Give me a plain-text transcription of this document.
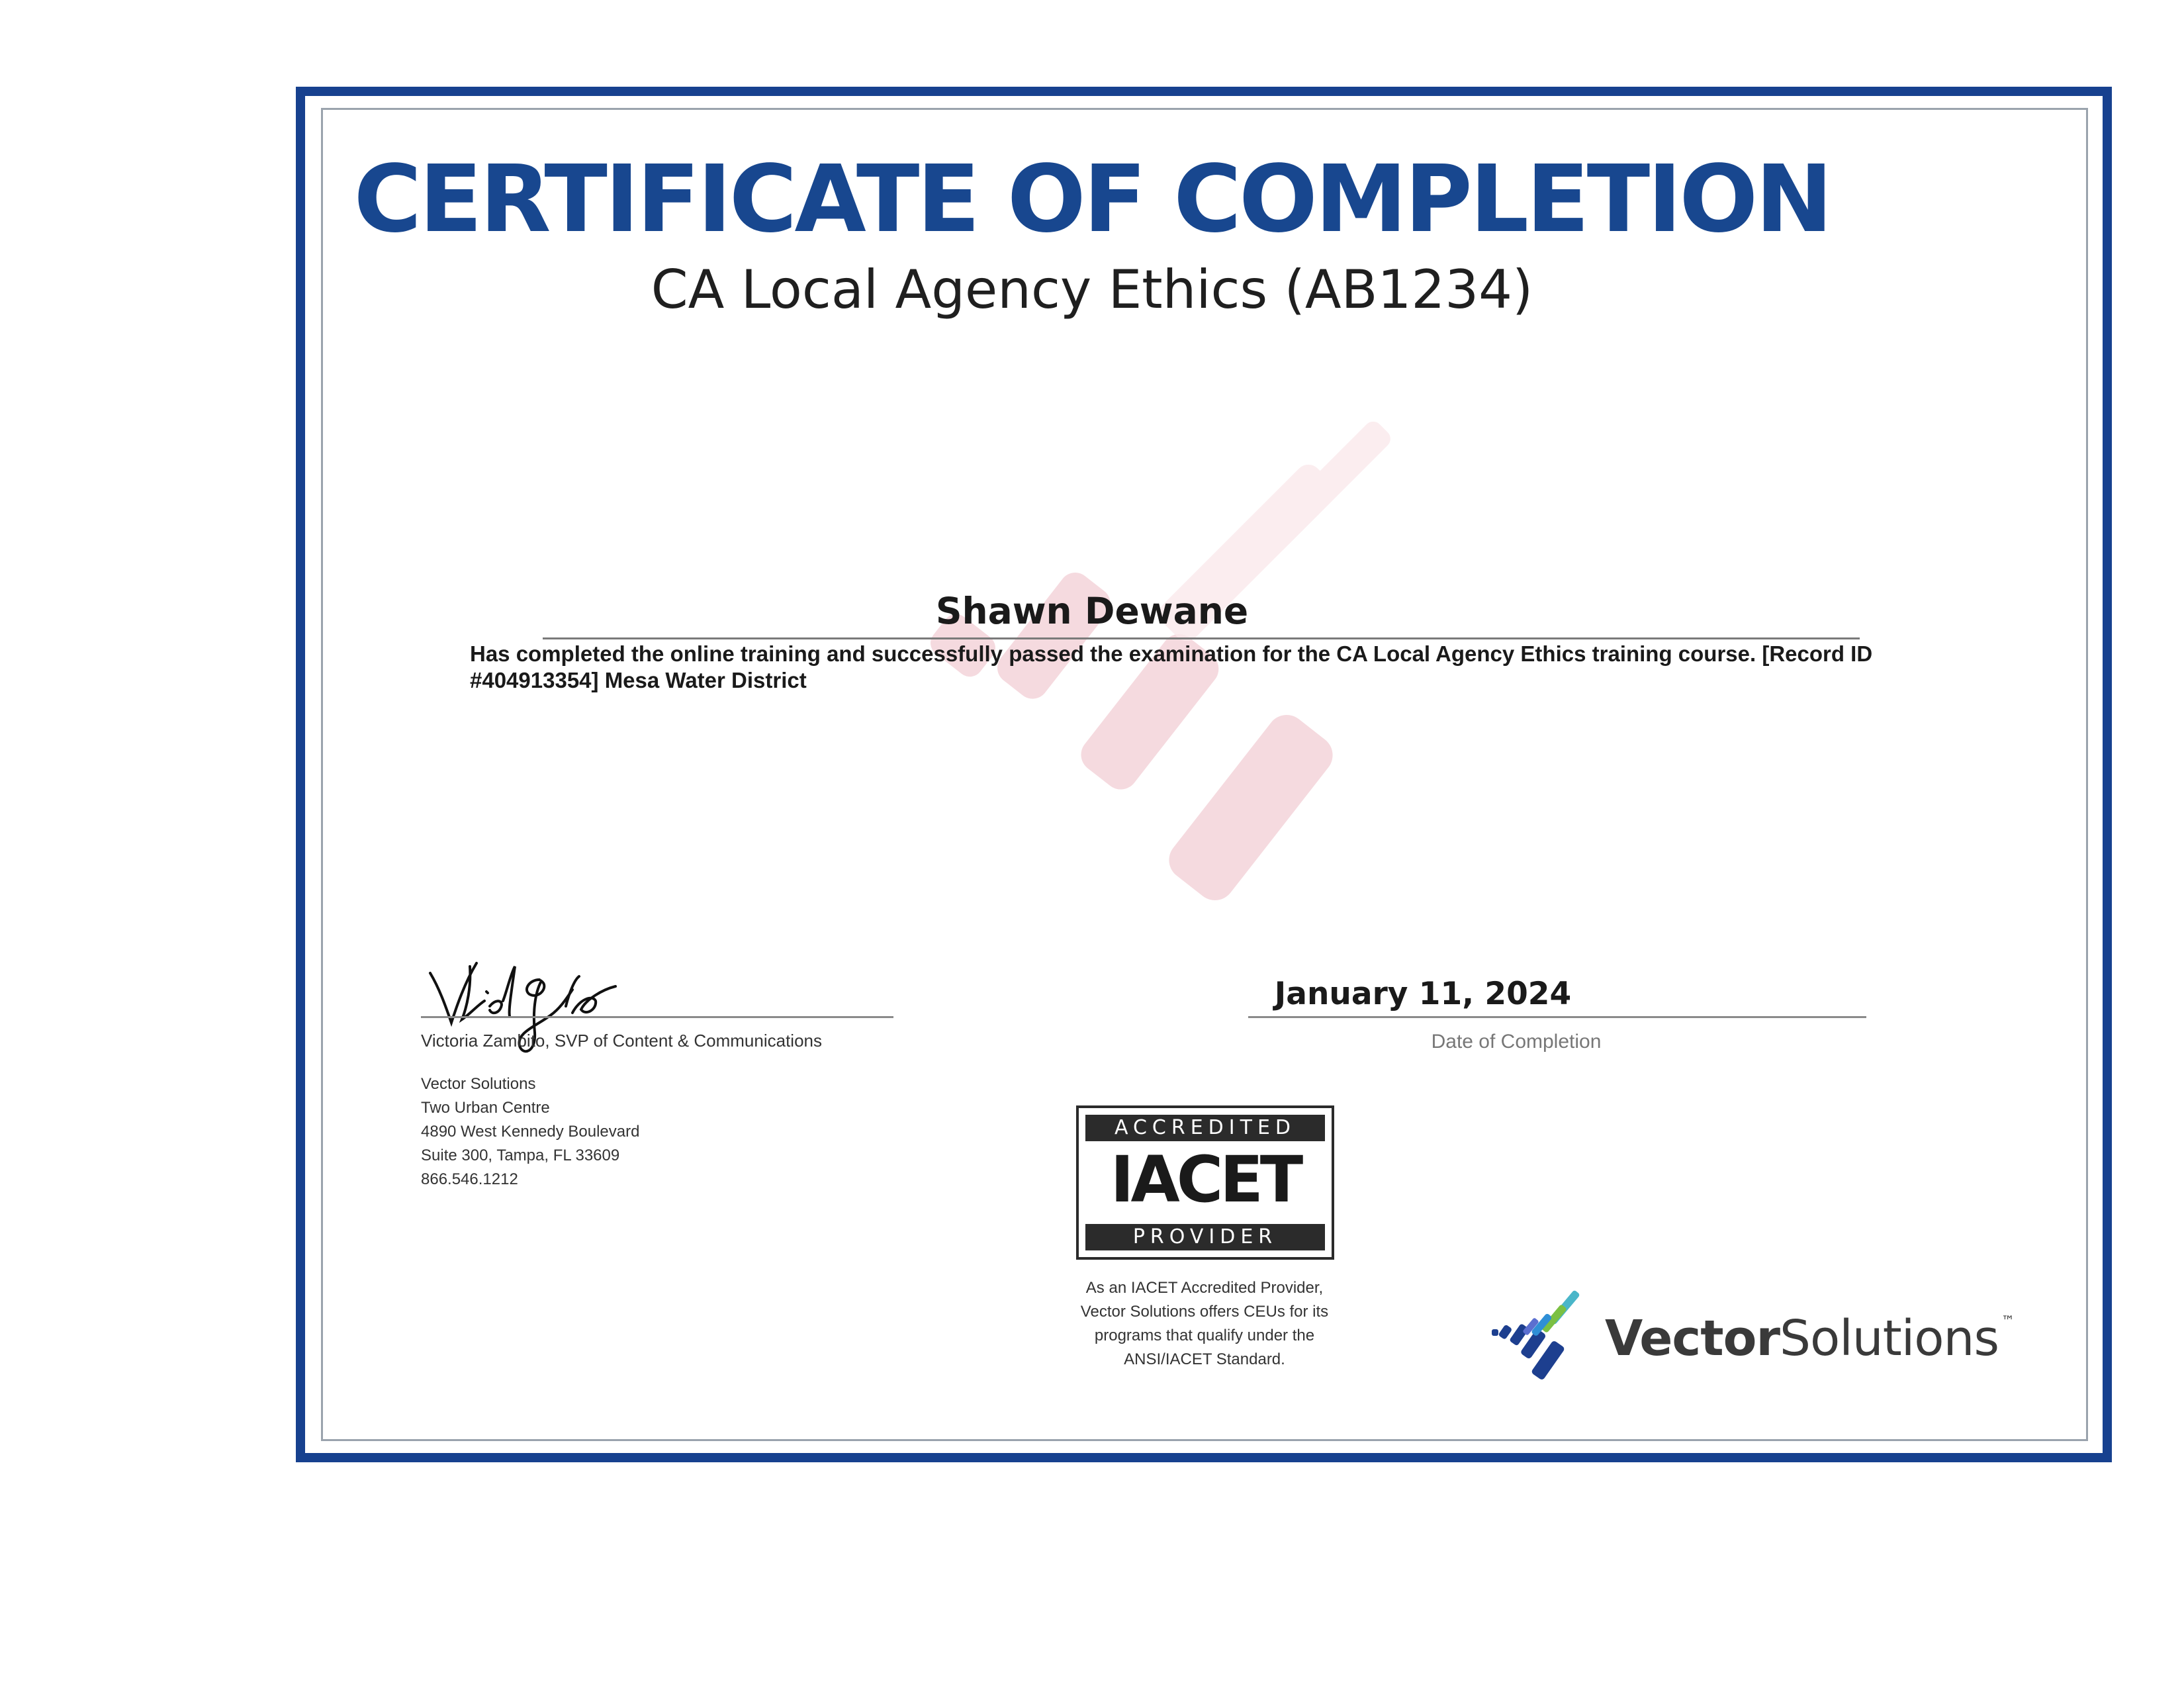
CERTIFICATE OF COMPLETION
CA Local Agency Ethics (AB1234)
Shawn Dewane
Has completed the online training and successfully passed the examination for the CA Local Agency Ethics training course. [Record ID #404913354] Mesa Water District
Victoria Zambito, SVP of Content & Communications
Vector Solutions
Two Urban Centre
4890 West Kennedy Boulevard
Suite 300, Tampa, FL 33609
866.546.1212
January 11, 2024
Date of Completion
ACCREDITED
IACET
PROVIDER
As an IACET Accredited Provider,
Vector Solutions offers CEUs for its
programs that qualify under the
ANSI/IACET Standard.	VectorSolutions ™
